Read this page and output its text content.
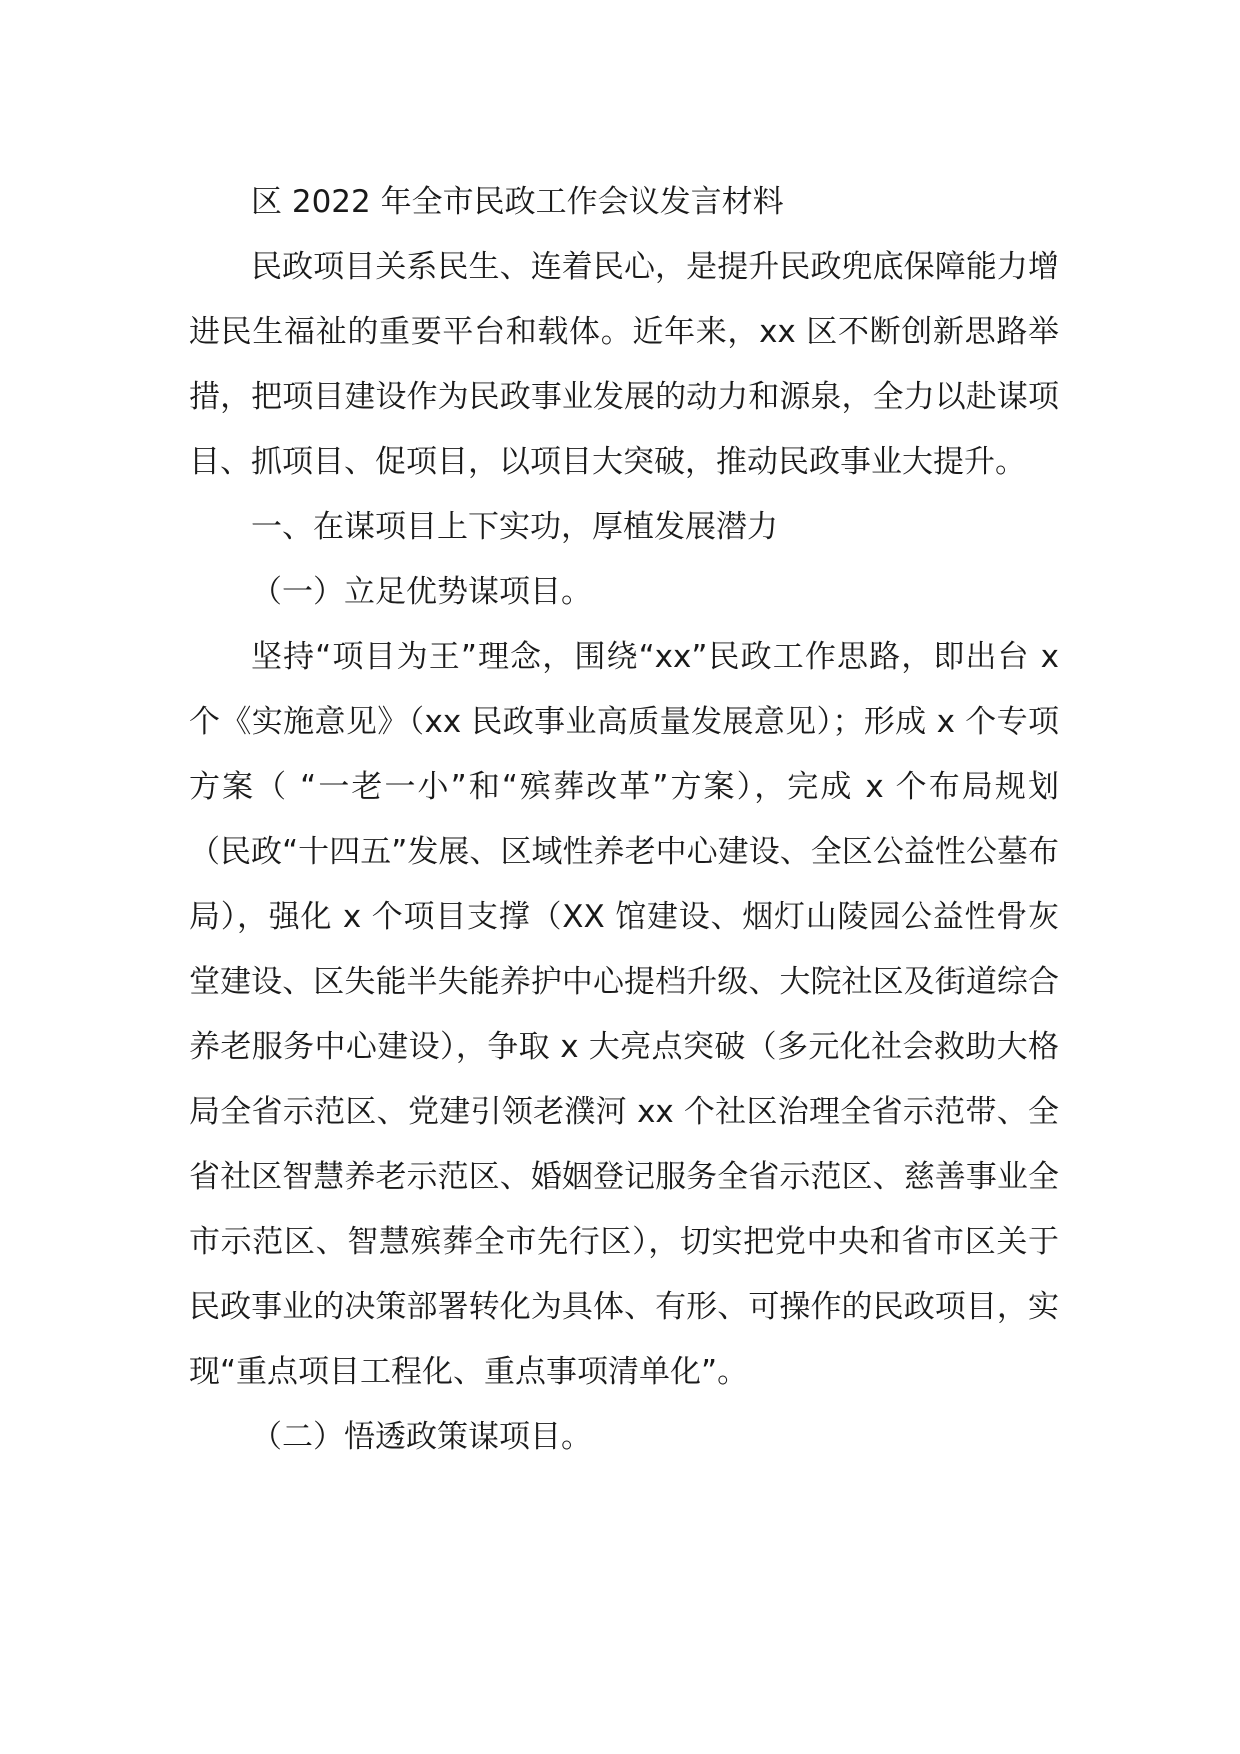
区 2022 年全市民政工作会议发言材料

民政项目关系民生、连着民心，是提升民政兜底保障能力增进民生福祉的重要平台和载体。近年来，xx 区不断创新思路举措，把项目建设作为民政事业发展的动力和源泉，全力以赴谋项目、抓项目、促项目，以项目大突破，推动民政事业大提升。

一、在谋项目上下实功，厚植发展潜力

（一）立足优势谋项目。

坚持“项目为王”理念，围绕“xx”民政工作思路，即出台 x 个《实施意见》（xx 民政事业高质量发展意见）；形成 x 个专项方案（ “一老一小”和“殡葬改革”方案），完成 x 个布局规划（民政“十四五”发展、区域性养老中心建设、全区公益性公墓布局），强化 x 个项目支撑（XX 馆建设、烟灯山陵园公益性骨灰堂建设、区失能半失能养护中心提档升级、大院社区及街道综合养老服务中心建设），争取 x 大亮点突破（多元化社会救助大格局全省示范区、党建引领老濮河 xx 个社区治理全省示范带、全省社区智慧养老示范区、婚姻登记服务全省示范区、慈善事业全市示范区、智慧殡葬全市先行区），切实把党中央和省市区关于民政事业的决策部署转化为具体、有形、可操作的民政项目，实现“重点项目工程化、重点事项清单化”。

（二）悟透政策谋项目。
